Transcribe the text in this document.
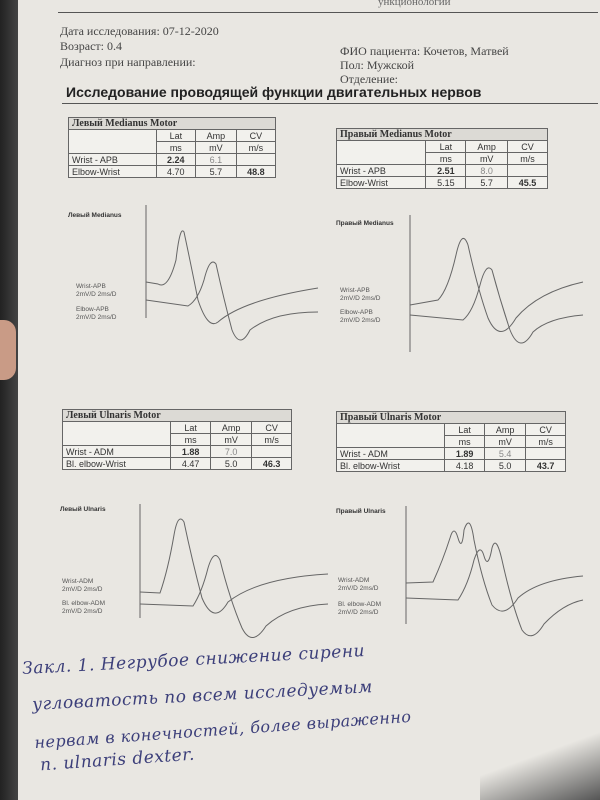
ункционологии
Дата исследования: 07-12-2020
Возраст: 0.4
Диагноз при направлении:
ФИО пациента: Кочетов, Матвей
Пол: Мужской
Отделение:
Исследование проводящей функции двигательных нервов
Левый Medianus Motor			
	Lat	Amp	CV
	ms	mV	m/s
Wrist - APB	2.24	6.1	
Elbow-Wrist	4.70	5.7	48.8
Правый Medianus Motor			
	Lat	Amp	CV
	ms	mV	m/s
Wrist - APB	2.51	8.0	
Elbow-Wrist	5.15	5.7	45.5
Левый Ulnaris Motor			
	Lat	Amp	CV
	ms	mV	m/s
Wrist - ADM	1.88	7.0	
Bl. elbow-Wrist	4.47	5.0	46.3
Правый Ulnaris Motor			
	Lat	Amp	CV
	ms	mV	m/s
Wrist - ADM	1.89	5.4	
Bl. elbow-Wrist	4.18	5.0	43.7
Левый Medianus
Wrist-APB
2mV/D 2ms/D
Elbow-APB
2mV/D 2ms/D
Правый Medianus
Wrist-APB
2mV/D 2ms/D
Elbow-APB
2mV/D 2ms/D
Левый Ulnaris
Wrist-ADM
2mV/D 2ms/D
Bl. elbow-ADM
2mV/D 2ms/D
Правый Ulnaris
Wrist-ADM
2mV/D 2ms/D
Bl. elbow-ADM
2mV/D 2ms/D
Закл. 1. Негрубое снижение сирени
угловатость по всем исследуемым
нервам в конечностей, более выраженно
n. ulnaris dexter.
